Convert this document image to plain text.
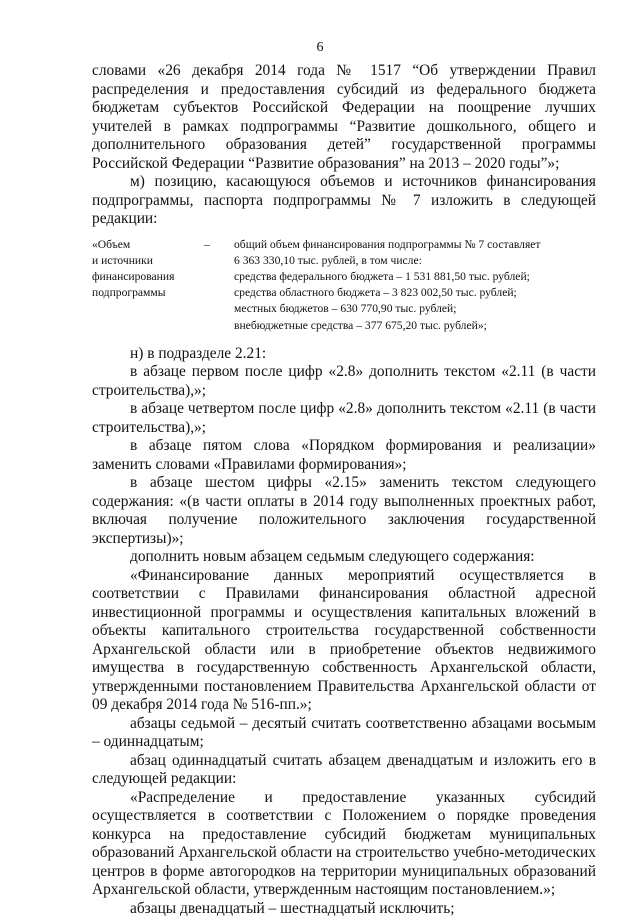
6

словами «26 декабря 2014 года № 1517 “Об утверждении Правил распределения и предоставления субсидий из федерального бюджета бюджетам субъектов Российской Федерации на поощрение лучших учителей в рамках подпрограммы “Развитие дошкольного, общего и дополнительного образования детей” государственной программы Российской Федерации “Развитие образования” на 2013 – 2020 годы”»;

м) позицию, касающуюся объемов и источников финансирования подпрограммы, паспорта подпрограммы № 7 изложить в следующей редакции:

«Объем
и источники
финансирования
подпрограммы
–	общий объем финансирования подпрограммы № 7 составляет
6 363 330,10 тыс. рублей, в том числе:
средства федерального бюджета – 1 531 881,50 тыс. рублей;
средства областного бюджета – 3 823 002,50 тыс. рублей;
местных бюджетов – 630 770,90 тыс. рублей;
внебюджетные средства – 377 675,20 тыс. рублей»;

н) в подразделе 2.21:

в абзаце первом после цифр «2.8» дополнить текстом «2.11 (в части строительства),»;

в абзаце четвертом после цифр «2.8» дополнить текстом «2.11 (в части строительства),»;

в абзаце пятом слова «Порядком формирования и реализации» заменить словами «Правилами формирования»;

в абзаце шестом цифры «2.15» заменить текстом следующего содержания: «(в части оплаты в 2014 году выполненных проектных работ, включая получение положительного заключения государственной экспертизы)»;

дополнить новым абзацем седьмым следующего содержания:

«Финансирование данных мероприятий осуществляется в соответствии с Правилами финансирования областной адресной инвестиционной программы и осуществления капитальных вложений в объекты капитального строительства государственной собственности Архангельской области или в приобретение объектов недвижимого имущества в государственную собственность Архангельской области, утвержденными постановлением Правительства Архангельской области от 09 декабря 2014 года № 516-пп.»;

абзацы седьмой – десятый считать соответственно абзацами восьмым – одиннадцатым;

абзац одиннадцатый считать абзацем двенадцатым и изложить его в следующей редакции:

«Распределение и предоставление указанных субсидий осуществляется в соответствии с Положением о порядке проведения конкурса на предоставление субсидий бюджетам муниципальных образований Архангельской области на строительство учебно-методических центров в форме автогородков на территории муниципальных образований Архангельской области, утвержденным настоящим постановлением.»;

абзацы двенадцатый – шестнадцатый исключить;
